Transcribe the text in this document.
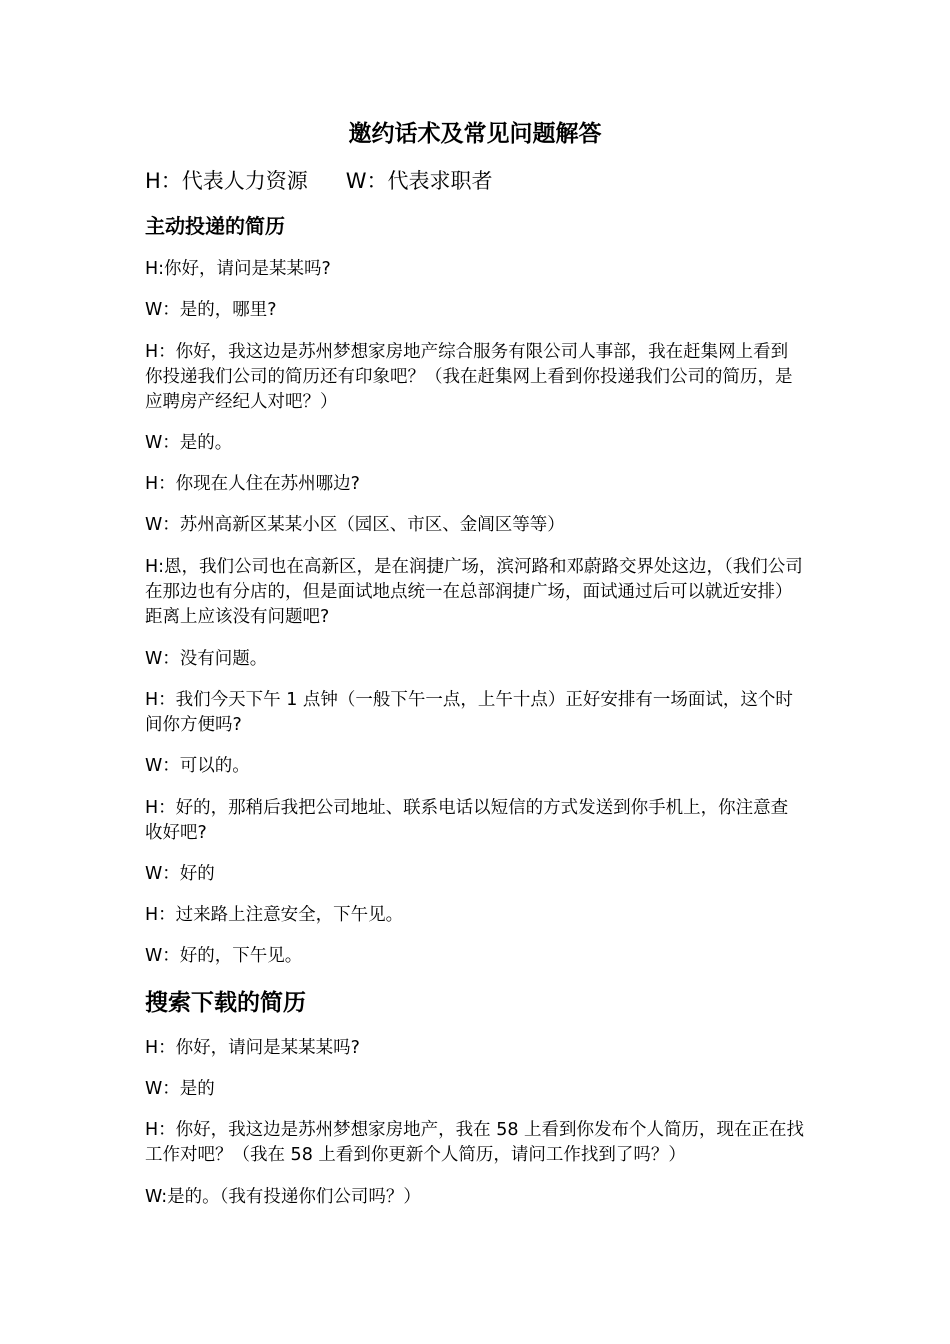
邀约话术及常见问题解答
H：代表人力资源 W：代表求职者
主动投递的简历
H:你好，请问是某某吗?
W：是的，哪里?
H：你好，我这边是苏州梦想家房地产综合服务有限公司人事部，我在赶集网上看到你投递我们公司的简历还有印象吧？（我在赶集网上看到你投递我们公司的简历，是应聘房产经纪人对吧？）
W：是的。
H：你现在人住在苏州哪边?
W：苏州高新区某某小区（园区、市区、金阊区等等）
H:恩，我们公司也在高新区，是在润捷广场，滨河路和邓蔚路交界处这边，（我们公司在那边也有分店的，但是面试地点统一在总部润捷广场，面试通过后可以就近安排）距离上应该没有问题吧?
W：没有问题。
H：我们今天下午 1 点钟（一般下午一点，上午十点）正好安排有一场面试，这个时间你方便吗?
W：可以的。
H：好的，那稍后我把公司地址、联系电话以短信的方式发送到你手机上，你注意查收好吧?
W：好的
H：过来路上注意安全，下午见。
W：好的，下午见。
搜索下载的简历
H：你好，请问是某某某吗?
W：是的
H：你好，我这边是苏州梦想家房地产，我在 58 上看到你发布个人简历，现在正在找工作对吧？（我在 58 上看到你更新个人简历，请问工作找到了吗？）
W:是的。（我有投递你们公司吗？）
